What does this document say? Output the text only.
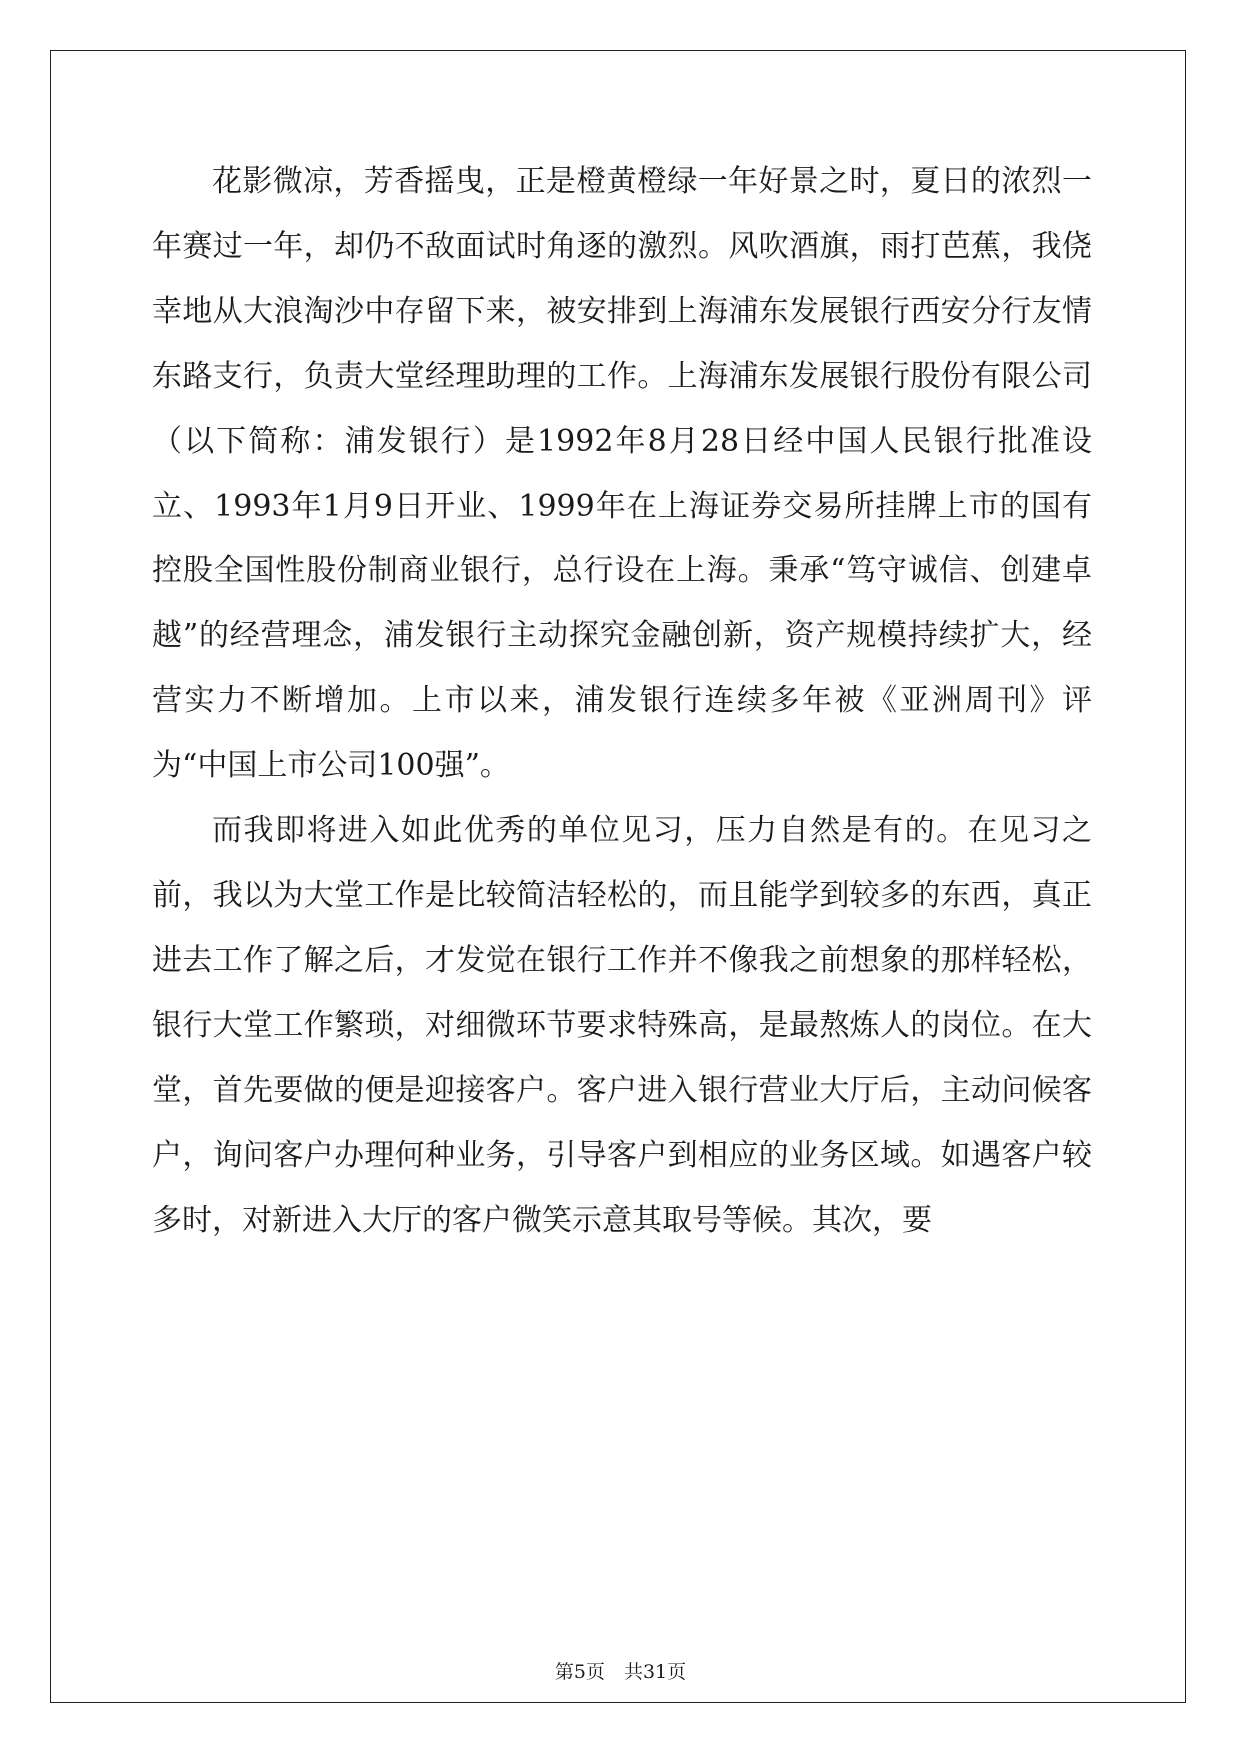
花影微凉，芳香摇曳，正是橙黄橙绿一年好景之时，夏日的浓烈一年赛过一年，却仍不敌面试时角逐的激烈。风吹酒旗，雨打芭蕉，我侥幸地从大浪淘沙中存留下来，被安排到上海浦东发展银行西安分行友情东路支行，负责大堂经理助理的工作。上海浦东发展银行股份有限公司（以下简称：浦发银行）是1992年8月28日经中国人民银行批准设立、1993年1月9日开业、1999年在上海证券交易所挂牌上市的国有控股全国性股份制商业银行，总行设在上海。秉承“笃守诚信、创建卓越”的经营理念，浦发银行主动探究金融创新，资产规模持续扩大，经营实力不断增加。上市以来，浦发银行连续多年被《亚洲周刊》评为“中国上市公司100强”。

而我即将进入如此优秀的单位见习，压力自然是有的。在见习之前，我以为大堂工作是比较简洁轻松的，而且能学到较多的东西，真正进去工作了解之后，才发觉在银行工作并不像我之前想象的那样轻松，银行大堂工作繁琐，对细微环节要求特殊高，是最熬炼人的岗位。在大堂，首先要做的便是迎接客户。客户进入银行营业大厅后，主动问候客户，询问客户办理何种业务，引导客户到相应的业务区域。如遇客户较多时，对新进入大厅的客户微笑示意其取号等候。其次，要

第5页　共31页
